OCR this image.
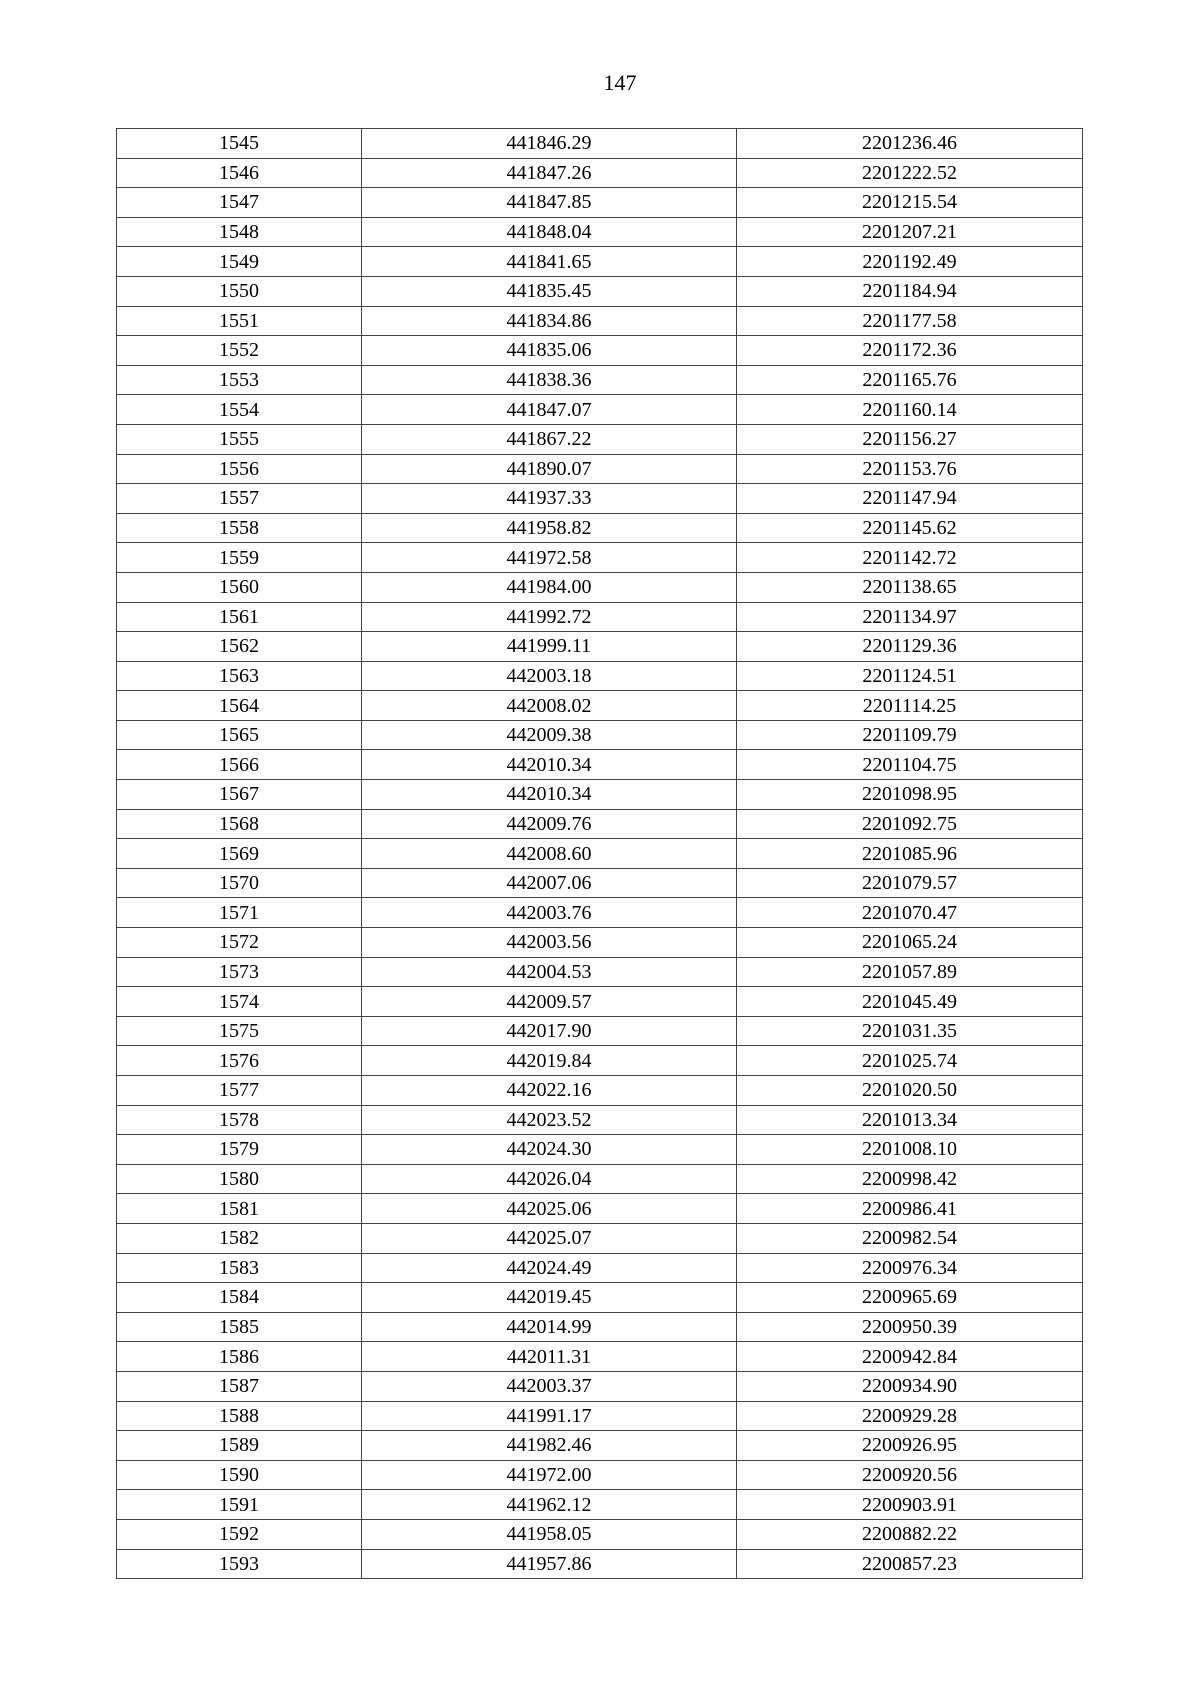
147
1545	441846.29	2201236.46
1546	441847.26	2201222.52
1547	441847.85	2201215.54
1548	441848.04	2201207.21
1549	441841.65	2201192.49
1550	441835.45	2201184.94
1551	441834.86	2201177.58
1552	441835.06	2201172.36
1553	441838.36	2201165.76
1554	441847.07	2201160.14
1555	441867.22	2201156.27
1556	441890.07	2201153.76
1557	441937.33	2201147.94
1558	441958.82	2201145.62
1559	441972.58	2201142.72
1560	441984.00	2201138.65
1561	441992.72	2201134.97
1562	441999.11	2201129.36
1563	442003.18	2201124.51
1564	442008.02	2201114.25
1565	442009.38	2201109.79
1566	442010.34	2201104.75
1567	442010.34	2201098.95
1568	442009.76	2201092.75
1569	442008.60	2201085.96
1570	442007.06	2201079.57
1571	442003.76	2201070.47
1572	442003.56	2201065.24
1573	442004.53	2201057.89
1574	442009.57	2201045.49
1575	442017.90	2201031.35
1576	442019.84	2201025.74
1577	442022.16	2201020.50
1578	442023.52	2201013.34
1579	442024.30	2201008.10
1580	442026.04	2200998.42
1581	442025.06	2200986.41
1582	442025.07	2200982.54
1583	442024.49	2200976.34
1584	442019.45	2200965.69
1585	442014.99	2200950.39
1586	442011.31	2200942.84
1587	442003.37	2200934.90
1588	441991.17	2200929.28
1589	441982.46	2200926.95
1590	441972.00	2200920.56
1591	441962.12	2200903.91
1592	441958.05	2200882.22
1593	441957.86	2200857.23
